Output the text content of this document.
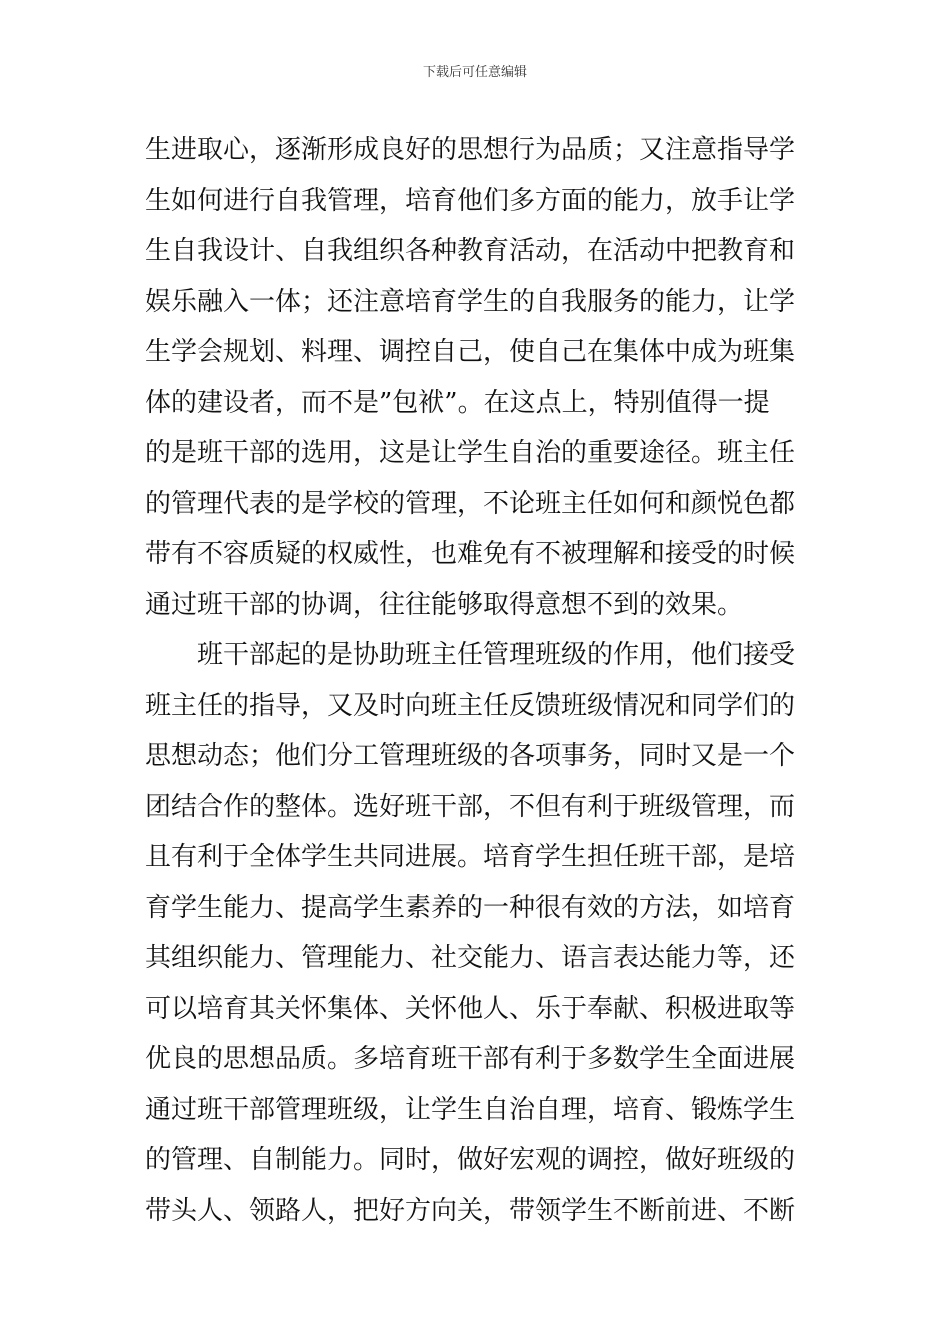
下载后可任意编辑
生进取心，逐渐形成良好的思想行为品质；又注意指导学
生如何进行自我管理，培育他们多方面的能力，放手让学
生自我设计、自我组织各种教育活动，在活动中把教育和
娱乐融入一体；还注意培育学生的自我服务的能力，让学
生学会规划、料理、调控自己，使自己在集体中成为班集
体的建设者，而不是”包袱”。在这点上，特别值得一提
的是班干部的选用，这是让学生自治的重要途径。班主任
的管理代表的是学校的管理，不论班主任如何和颜悦色都
带有不容质疑的权威性，也难免有不被理解和接受的时候
通过班干部的协调，往往能够取得意想不到的效果。
　　班干部起的是协助班主任管理班级的作用，他们接受
班主任的指导，又及时向班主任反馈班级情况和同学们的
思想动态；他们分工管理班级的各项事务，同时又是一个
团结合作的整体。选好班干部，不但有利于班级管理，而
且有利于全体学生共同进展。培育学生担任班干部，是培
育学生能力、提高学生素养的一种很有效的方法，如培育
其组织能力、管理能力、社交能力、语言表达能力等，还
可以培育其关怀集体、关怀他人、乐于奉献、积极进取等
优良的思想品质。多培育班干部有利于多数学生全面进展
通过班干部管理班级，让学生自治自理，培育、锻炼学生
的管理、自制能力。同时，做好宏观的调控，做好班级的
带头人、领路人，把好方向关，带领学生不断前进、不断
